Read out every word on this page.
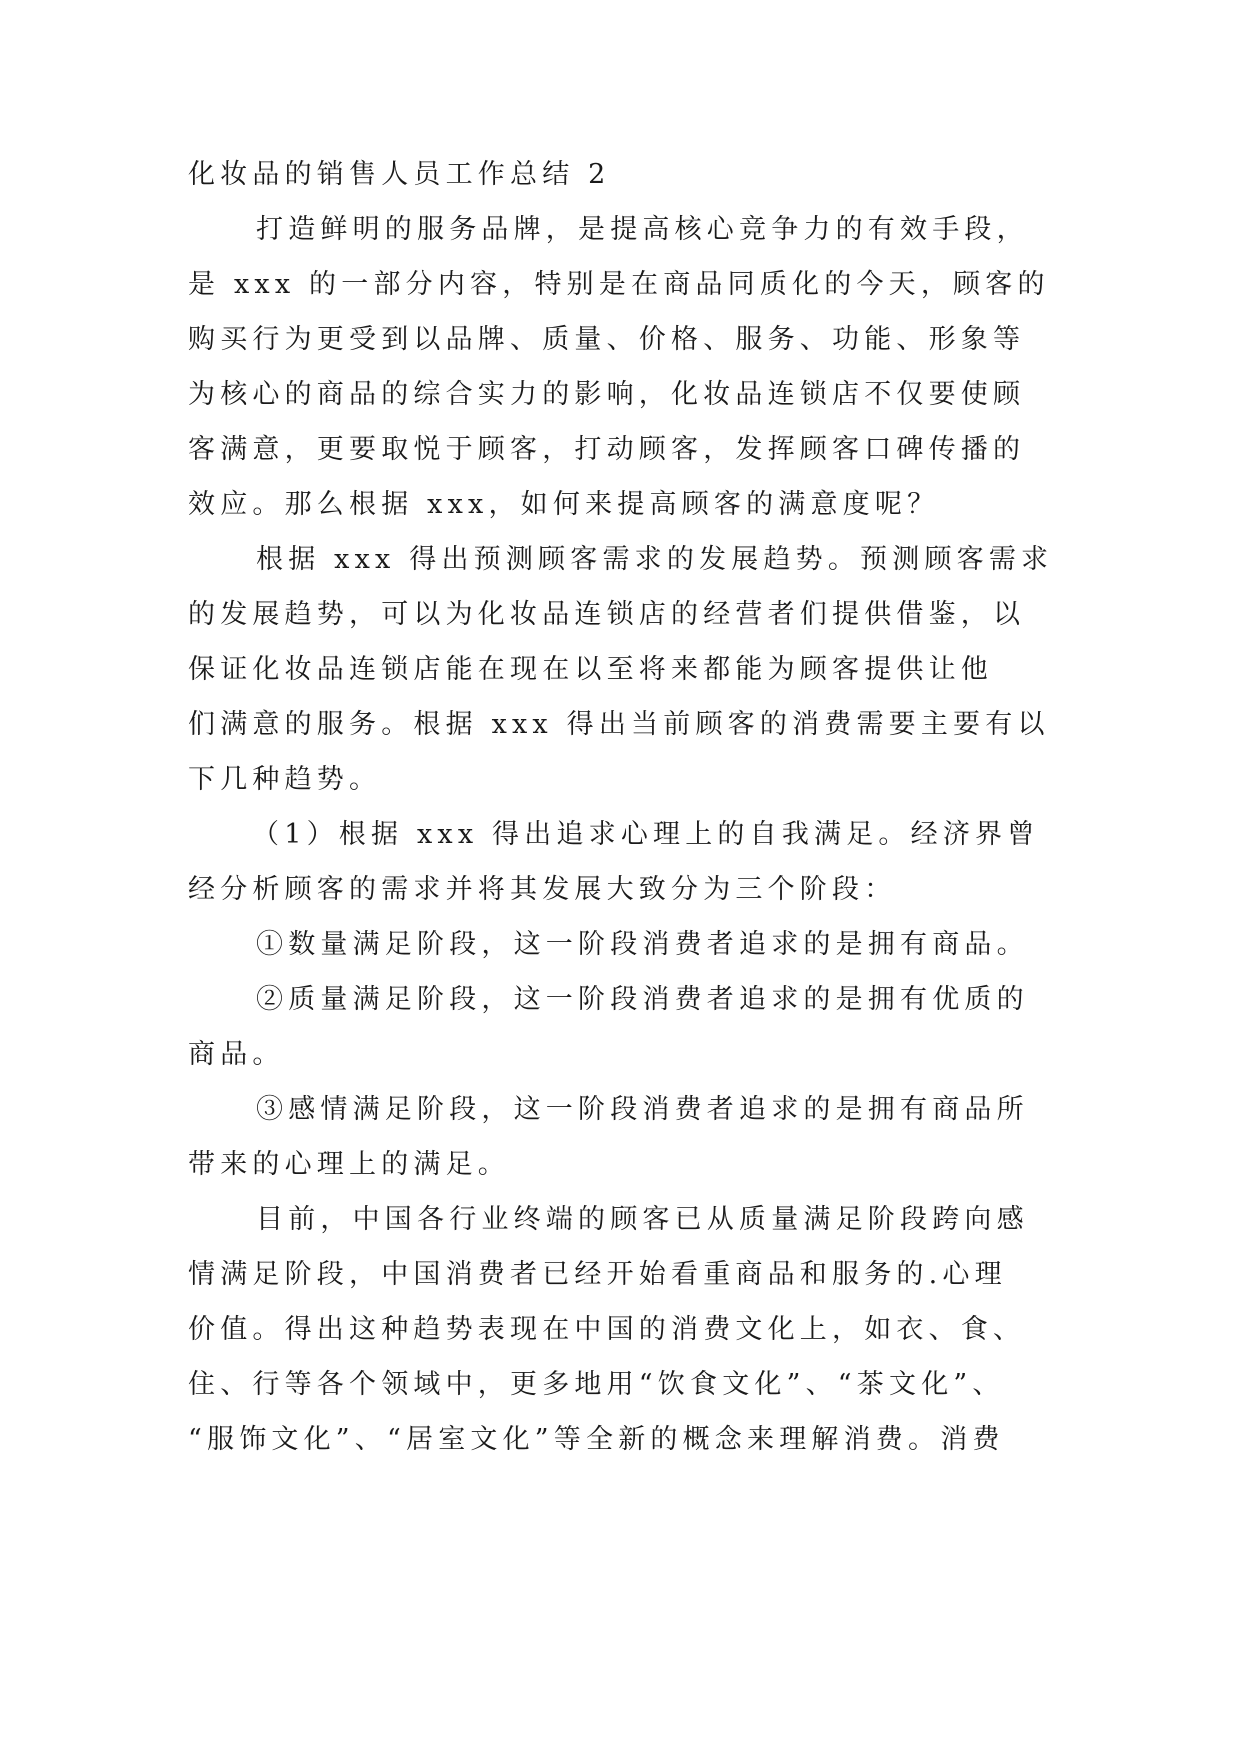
化妆品的销售人员工作总结 2
打造鲜明的服务品牌，是提高核心竞争力的有效手段，
是 xxx 的一部分内容，特别是在商品同质化的今天，顾客的
购买行为更受到以品牌、质量、价格、服务、功能、形象等
为核心的商品的综合实力的影响，化妆品连锁店不仅要使顾
客满意，更要取悦于顾客，打动顾客，发挥顾客口碑传播的
效应。那么根据 xxx，如何来提高顾客的满意度呢？
根据 xxx 得出预测顾客需求的发展趋势。预测顾客需求
的发展趋势，可以为化妆品连锁店的经营者们提供借鉴，以
保证化妆品连锁店能在现在以至将来都能为顾客提供让他
们满意的服务。根据 xxx 得出当前顾客的消费需要主要有以
下几种趋势。
（1）根据 xxx 得出追求心理上的自我满足。经济界曾
经分析顾客的需求并将其发展大致分为三个阶段：
①数量满足阶段，这一阶段消费者追求的是拥有商品。
②质量满足阶段，这一阶段消费者追求的是拥有优质的
商品。
③感情满足阶段，这一阶段消费者追求的是拥有商品所
带来的心理上的满足。
目前，中国各行业终端的顾客已从质量满足阶段跨向感
情满足阶段，中国消费者已经开始看重商品和服务的.心理
价值。得出这种趋势表现在中国的消费文化上，如衣、食、
住、行等各个领域中，更多地用“饮食文化”、“茶文化”、
“服饰文化”、“居室文化”等全新的概念来理解消费。消费
